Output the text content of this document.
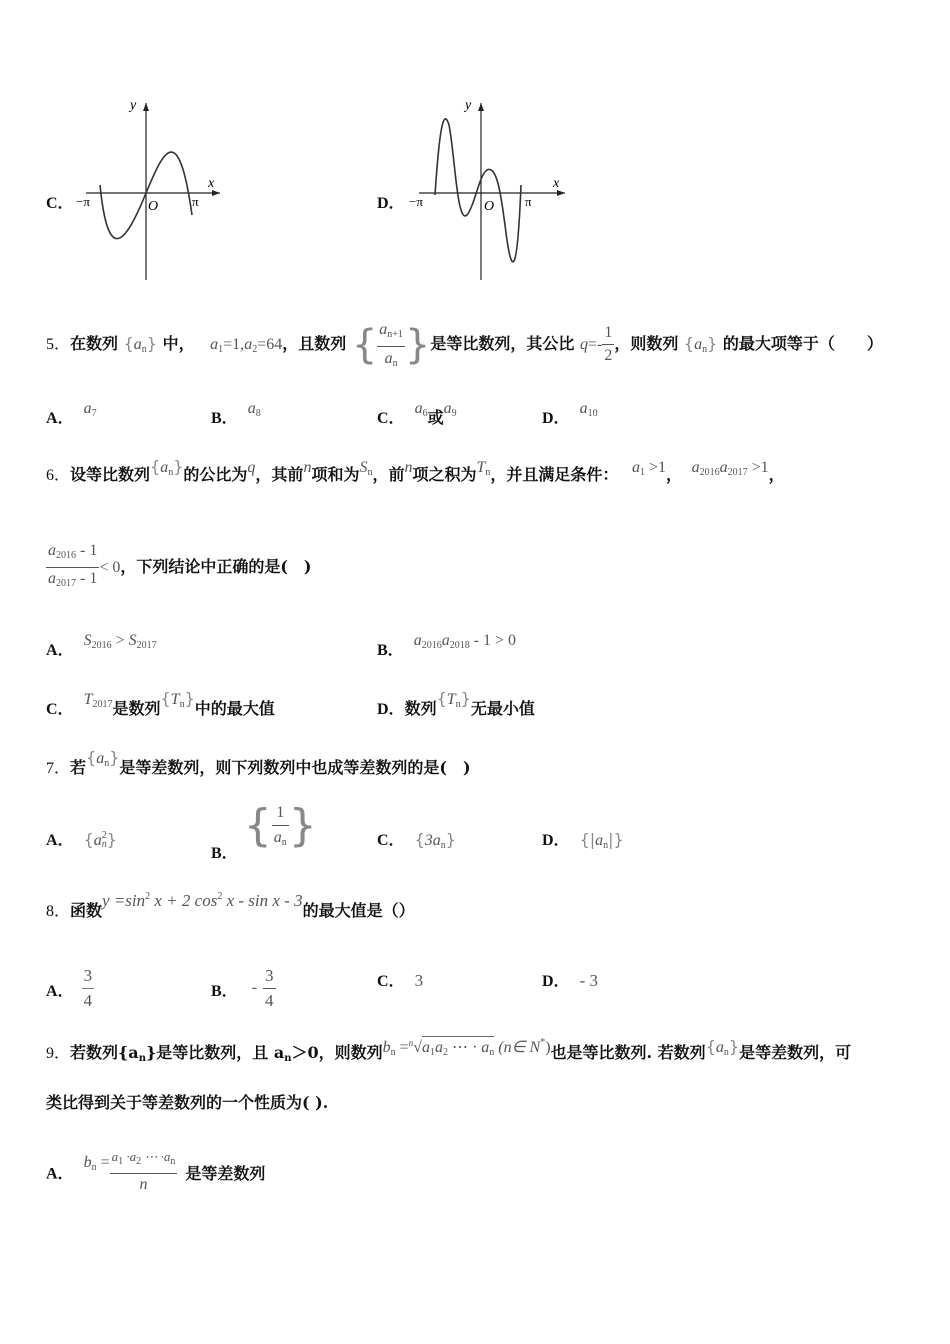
C．
y
x
O
−π	π	D．
y
x
O
−π	π
5．在数列 $\{a_n\}$ 中， $a_1=1,a_2=64$，且数列 { $\frac{a_{n+1}}{a_n}$ }是等比数列，其公比 $q=- \frac{1}{2}$ ，则数列 $\{a_n\}$ 的最大项等于（　　）
A．$a_7$	B．$a_8$	C．$a_6$或$a_9$	D．$a_{10}$
6．设等比数列$\{a_n\}$的公比为q，其前n项和为$S_n$，前n项之积为$T_n$，并且满足条件： $a_1 >1$， $a_{2016}a_{2017} >1$，
$\frac{a_{2016} - 1}{a_{2017} - 1} < 0$，下列结论中正确的是(　)
A．$S_{2016} > S_{2017}$	B．$a_{2016}a_{2018} - 1 > 0$
C．$T_{2017}$是数列$\{T_n\}$中的最大值	D．数列$\{T_n\}$无最小值
7．若$\{a_n\}$是等差数列，则下列数列中也成等差数列的是(　)
A． {a 2
n }
B．{ $\frac{1}{a_n}$ }	C． $\{3a_n\}$	D． $\{|a_n|\}$
8．函数$y =\sin^2$ x + 2 $\cos^2 x$ - sin x - 3的最大值是（）
A． $\frac{3}{4}$	B． - $\frac{3}{4}$	C． 3	D． - 3
9．若数列$\{a_n\}$是等比数列，且 $a_n>0$，则数列$b_n =^n√a_1a_2$ ⋯ · $a_n$ (n∈ N*)也是等比数列. 若数列$\{a_n\}$是等差数列，可
类比得到关于等差数列的一个性质为( ).
A． $b_n = \frac{a_1 \cdot a_2 \cdots \cdot a_n}{n}$ 是等差数列
